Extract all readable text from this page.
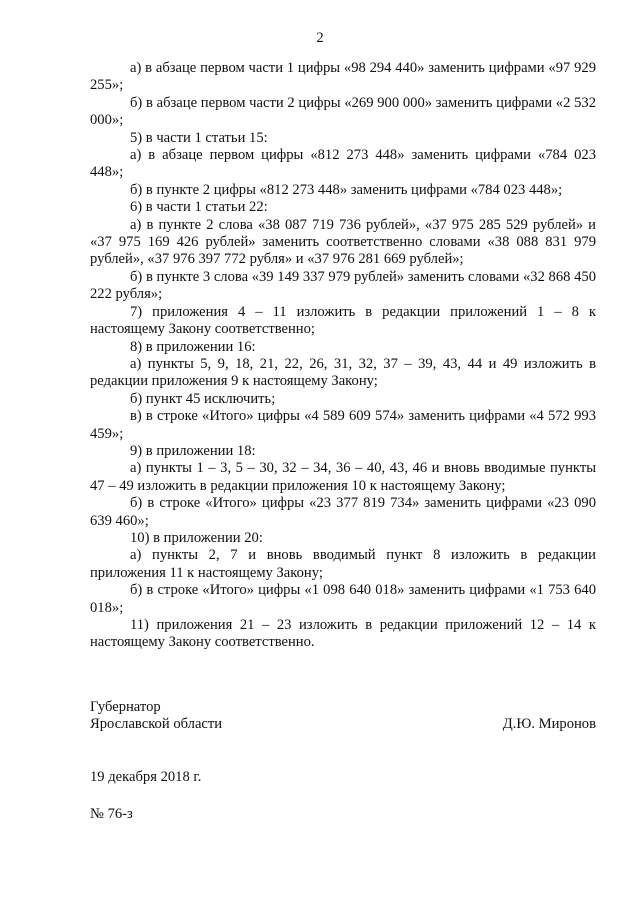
2

а) в абзаце первом части 1 цифры «98 294 440» заменить цифрами «97 929 255»;

б) в абзаце первом части 2 цифры «269 900 000» заменить цифрами «2 532 000»;

5) в части 1 статьи 15:

а) в абзаце первом цифры «812 273 448» заменить цифрами «784 023 448»;

б) в пункте 2 цифры «812 273 448» заменить цифрами «784 023 448»;

6) в части 1 статьи 22:

а) в пункте 2 слова «38 087 719 736 рублей», «37 975 285 529 рублей» и «37 975 169 426 рублей» заменить соответственно словами «38 088 831 979 рублей», «37 976 397 772 рубля» и «37 976 281 669 рублей»;

б) в пункте 3 слова «39 149 337 979 рублей» заменить словами «32 868 450 222 рубля»;

7) приложения 4 – 11 изложить в редакции приложений 1 – 8 к настоящему Закону соответственно;

8) в приложении 16:

а) пункты 5, 9, 18, 21, 22, 26, 31, 32, 37 – 39, 43, 44 и 49 изложить в редакции приложения 9 к настоящему Закону;

б) пункт 45 исключить;

в) в строке «Итого» цифры «4 589 609 574» заменить цифрами «4 572 993 459»;

9) в приложении 18:

а) пункты 1 – 3, 5 – 30, 32 – 34, 36 – 40, 43, 46 и вновь вводимые пункты 47 – 49 изложить в редакции приложения 10 к настоящему Закону;

б) в строке «Итого» цифры «23 377 819 734» заменить цифрами «23 090 639 460»;

10) в приложении 20:

а) пункты 2, 7 и вновь вводимый пункт 8 изложить в редакции приложения 11 к настоящему Закону;

б) в строке «Итого» цифры «1 098 640 018» заменить цифрами «1 753 640 018»;

11) приложения 21 – 23 изложить в редакции приложений 12 – 14 к настоящему Закону соответственно.

Губернатор
Ярославской области	Д.Ю. Миронов
19 декабря 2018 г.
№ 76-з
